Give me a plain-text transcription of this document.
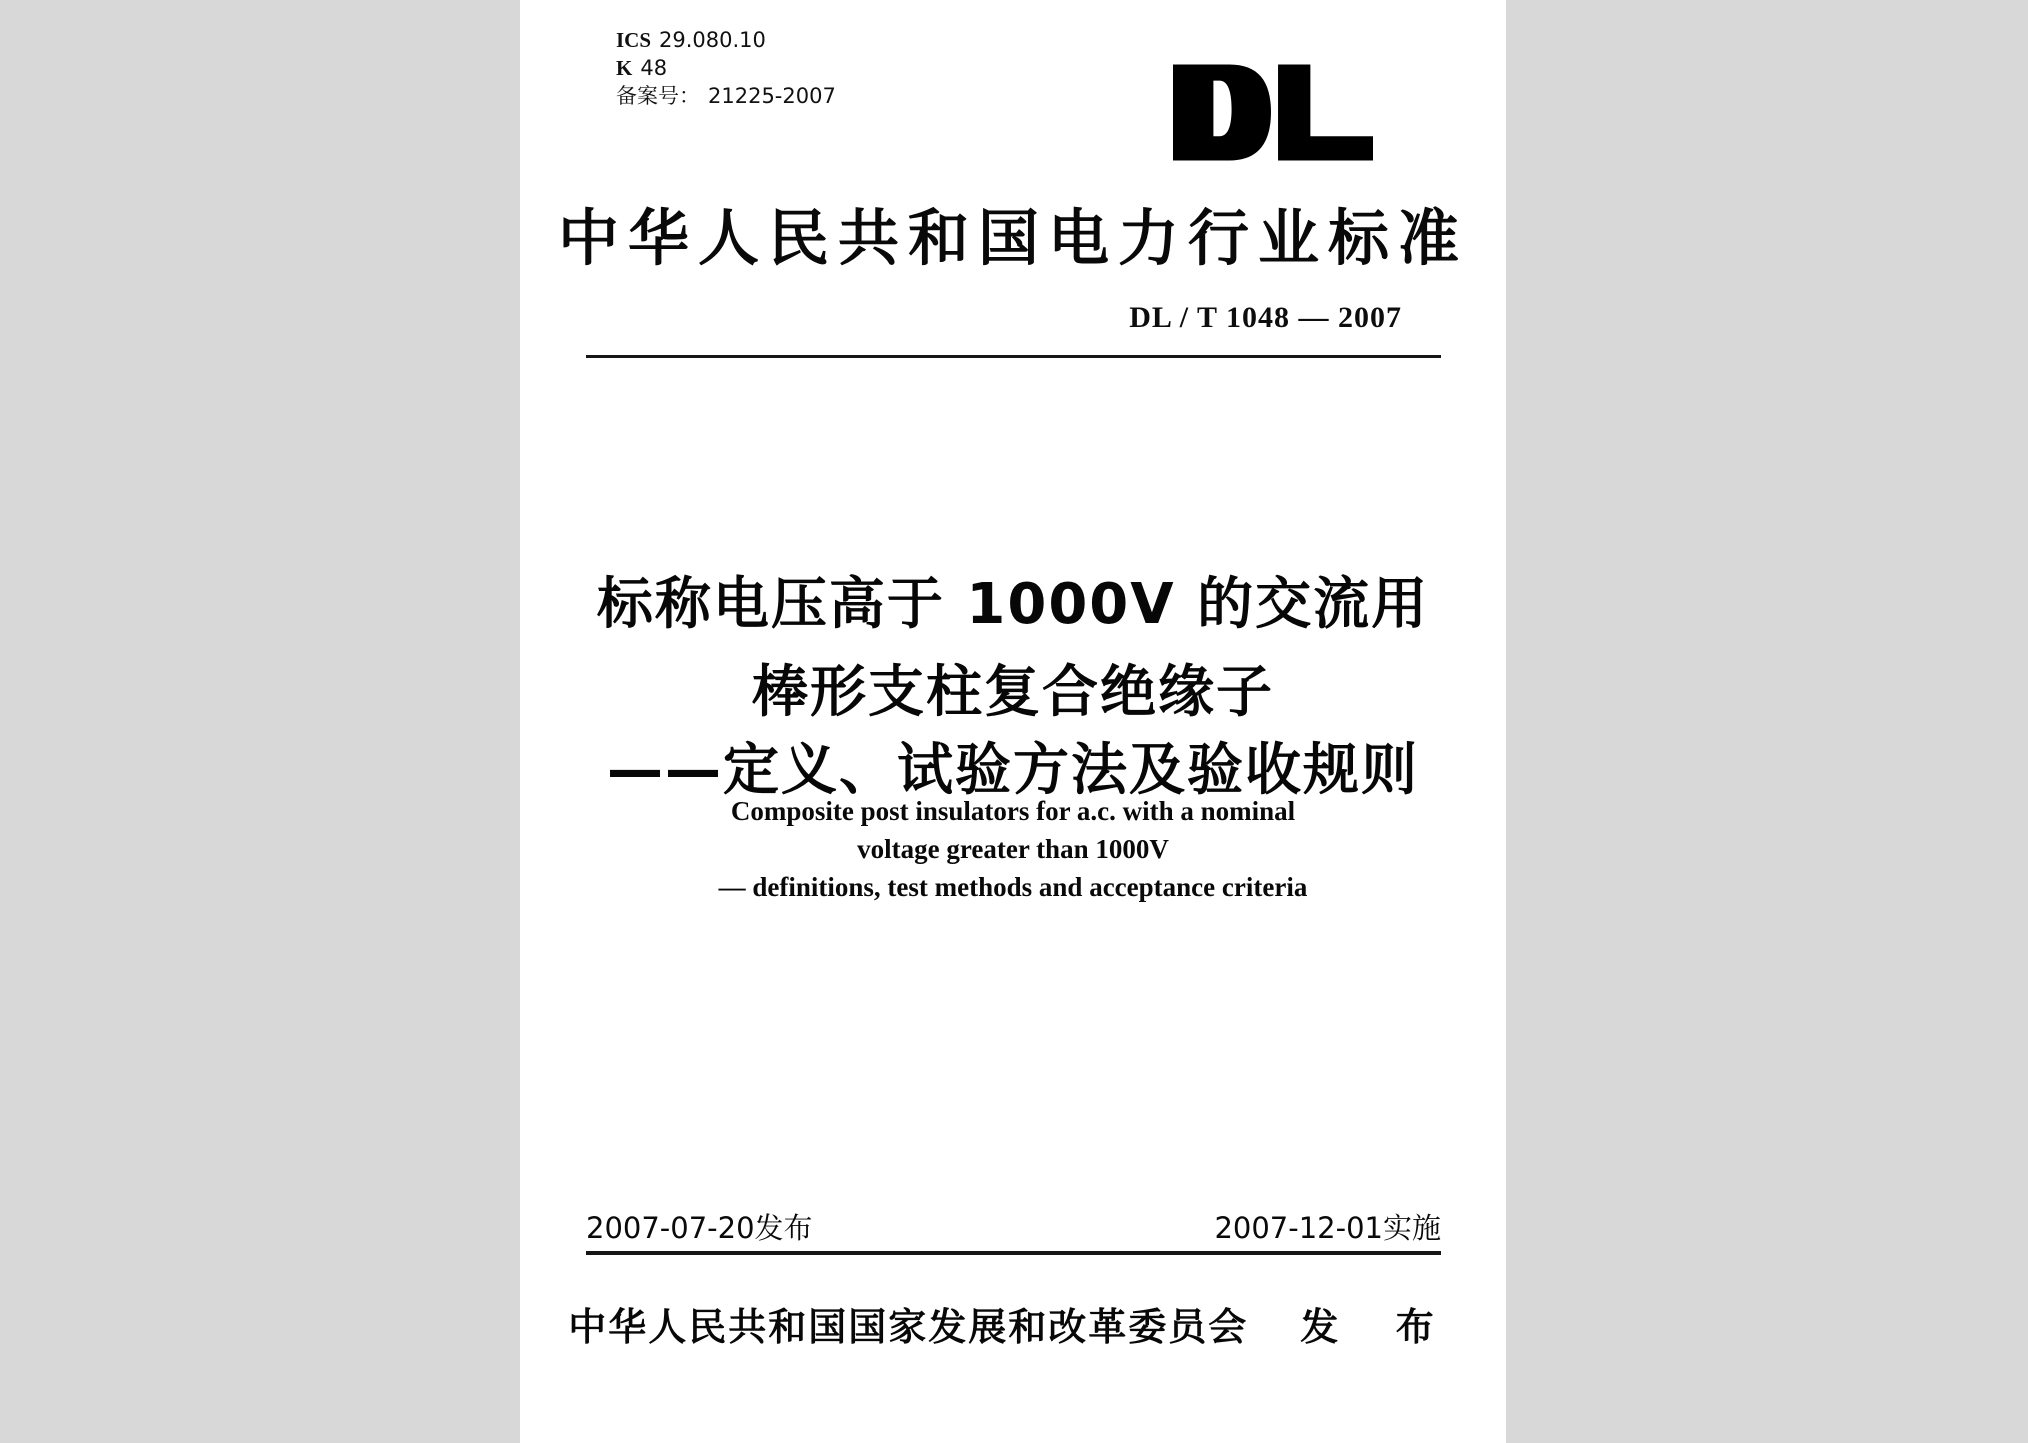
ICS 29.080.10
K 48
备案号： 21225-2007
中华人民共和国电力行业标准
DL / T 1048 — 2007
标称电压高于 1000V 的交流用
棒形支柱复合绝缘子
——定义、试验方法及验收规则
Composite post insulators for a.c. with a nominal
voltage greater than 1000V
— definitions, test methods and acceptance criteria
2007-07-20发布	2007-12-01实施
中华人民共和国国家发展和改革委员会 发 布
